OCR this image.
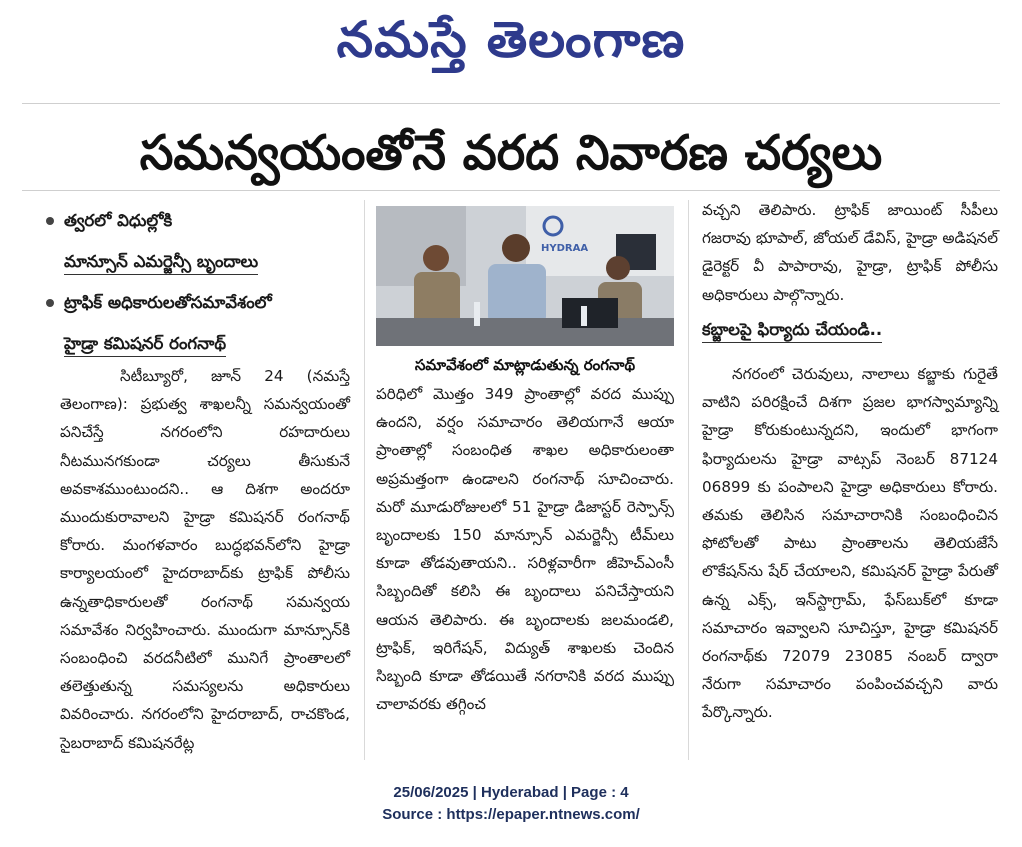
నమస్తే తెలంగాణ
సమన్వయంతోనే వరద నివారణ చర్యలు
త్వరలో విధుల్లోకి
మాన్సూన్ ఎమర్జెన్సీ బృందాలు
ట్రాఫిక్ అధికారులతోసమావేశంలో
హైడ్రా కమిషనర్ రంగనాథ్

సిటీబ్యూరో, జూన్ 24 (నమస్తే తెలంగాణ): ప్రభుత్వ శాఖలన్నీ సమన్వయంతో పనిచేస్తే నగరంలోని రహదారులు నీటమునగకుండా చర్యలు తీసుకునే అవకాశముంటుందని.. ఆ దిశగా అందరూ ముందుకురావాలని హైడ్రా కమిషనర్ రంగనాథ్ కోరారు. మంగళవారం బుద్ధభవన్‌లోని హైడ్రా కార్యాలయంలో హైదరాబాద్‌కు ట్రాఫిక్ పోలీసు ఉన్నతాధికారులతో రంగనాథ్ సమన్వయ సమావేశం నిర్వహించారు. ముందుగా మాన్సూన్‌కి సంబంధించి వరదనీటిలో మునిగే ప్రాంతాలలో తలెత్తుతున్న సమస్యలను అధికారులు వివరించారు. నగరంలోని హైదరాబాద్, రాచకొండ, సైబరాబాద్ కమిషనరేట్ల

HYDRAA
సమావేశంలో మాట్లాడుతున్న రంగనాథ్

పరిధిలో మొత్తం 349 ప్రాంతాల్లో వరద ముప్పు ఉందని, వర్షం సమాచారం తెలియగానే ఆయా ప్రాంతాల్లో సంబంధిత శాఖల అధికారులంతా అప్రమత్తంగా ఉండాలని రంగనాథ్ సూచించారు. మరో మూడురోజులలో 51 హైడ్రా డిజాస్టర్ రెస్పాన్స్ బృందాలకు 150 మాన్సూన్ ఎమర్జెన్సీ టీమ్‌లు కూడా తోడవుతాయని.. సరిళ్లవారీగా జీహెచ్ఎంసీ సిబ్బందితో కలిసి ఈ బృందాలు పనిచేస్తాయని ఆయన తెలిపారు. ఈ బృందాలకు జలమండలి, ట్రాఫిక్, ఇరిగేషన్, విద్యుత్ శాఖలకు చెందిన సిబ్బంది కూడా తోడయితే నగరానికి వరద ముప్పు చాలావరకు తగ్గించ

వచ్చని తెలిపారు. ట్రాఫిక్ జాయింట్ సీపీలు గజరావు భూపాల్, జోయల్ డేవిస్, హైడ్రా అడిషనల్ డైరెక్టర్ వీ పాపారావు, హైడ్రా, ట్రాఫిక్ పోలీసు అధికారులు పాల్గొన్నారు.

కబ్జాలపై ఫిర్యాదు చేయండి..

నగరంలో చెరువులు, నాలాలు కబ్జాకు గురైతే వాటిని పరిరక్షించే దిశగా ప్రజల భాగస్వామ్యాన్ని హైడ్రా కోరుకుంటున్నదని, ఇందులో భాగంగా ఫిర్యాదులను హైడ్రా వాట్సప్ నెంబర్ 87124 06899 కు పంపాలని హైడ్రా అధికారులు కోరారు. తమకు తెలిసిన సమాచారానికి సంబంధించిన ఫోటోలతో పాటు ప్రాంతాలను తెలియజేసే లొకేషన్‌ను షేర్ చేయాలని, కమిషనర్ హైడ్రా పేరుతో ఉన్న ఎక్స్, ఇన్‌స్టాగ్రామ్, ఫేస్‌బుక్‌లో కూడా సమాచారం ఇవ్వాలని సూచిస్తూ, హైడ్రా కమిషనర్ రంగనాథ్‌కు 72079 23085 నంబర్ ద్వారా నేరుగా సమాచారం పంపించవచ్చని వారు పేర్కొన్నారు.

25/06/2025 | Hyderabad | Page : 4
Source : https://epaper.ntnews.com/
